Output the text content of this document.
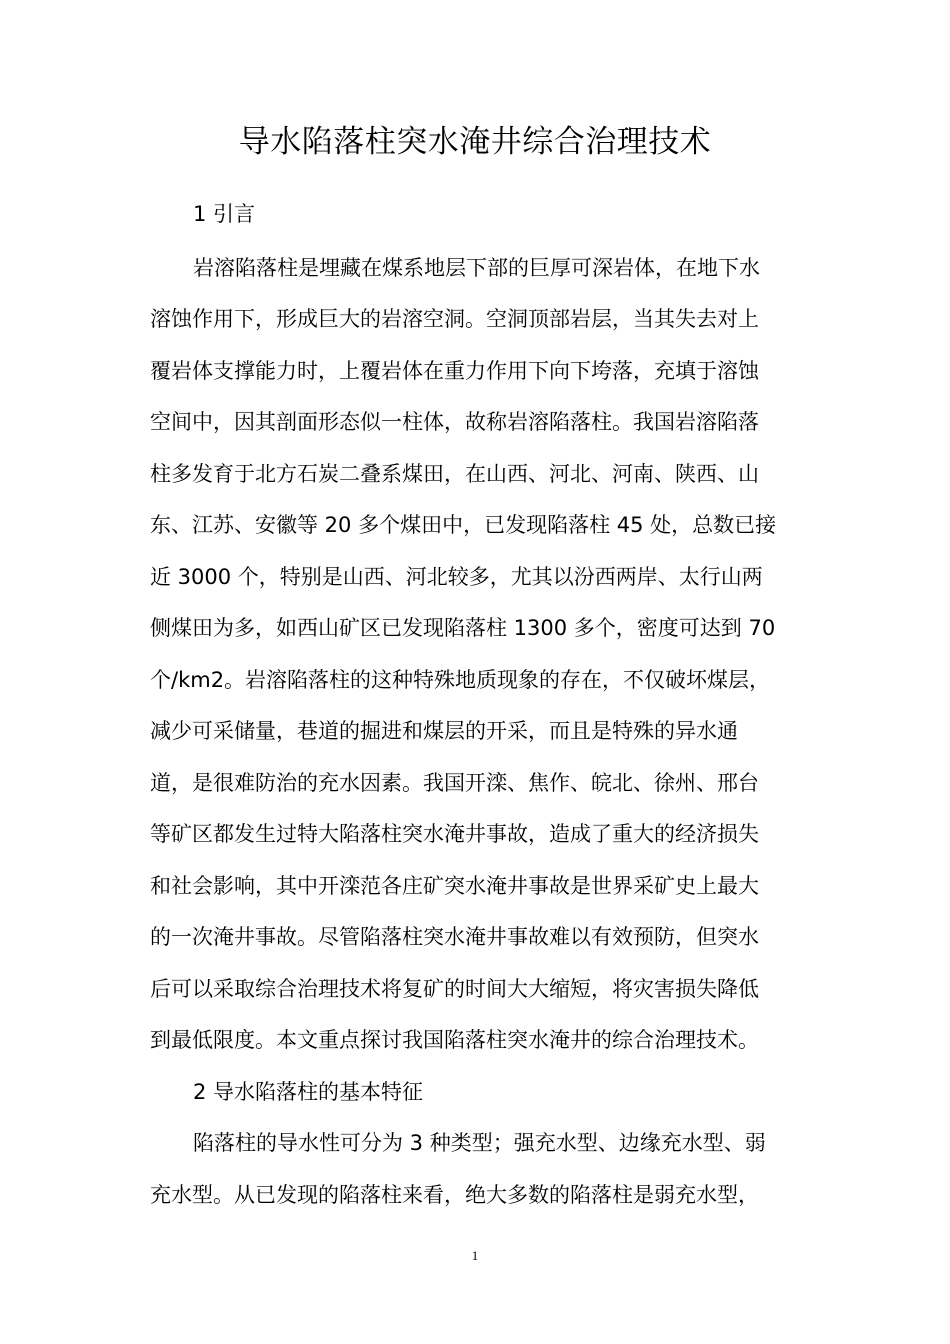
导水陷落柱突水淹井综合治理技术
1 引言
岩溶陷落柱是埋藏在煤系地层下部的巨厚可深岩体，在地下水
溶蚀作用下，形成巨大的岩溶空洞。空洞顶部岩层，当其失去对上
覆岩体支撑能力时，上覆岩体在重力作用下向下垮落，充填于溶蚀
空间中，因其剖面形态似一柱体，故称岩溶陷落柱。我国岩溶陷落
柱多发育于北方石炭二叠系煤田，在山西、河北、河南、陕西、山
东、江苏、安徽等 20 多个煤田中，已发现陷落柱 45 处，总数已接
近 3000 个，特别是山西、河北较多，尤其以汾西两岸、太行山两
侧煤田为多，如西山矿区已发现陷落柱 1300 多个，密度可达到 70
个/km2。岩溶陷落柱的这种特殊地质现象的存在，不仅破坏煤层，
减少可采储量，巷道的掘进和煤层的开采，而且是特殊的异水通
道，是很难防治的充水因素。我国开滦、焦作、皖北、徐州、邢台
等矿区都发生过特大陷落柱突水淹井事故，造成了重大的经济损失
和社会影响，其中开滦范各庄矿突水淹井事故是世界采矿史上最大
的一次淹井事故。尽管陷落柱突水淹井事故难以有效预防，但突水
后可以采取综合治理技术将复矿的时间大大缩短，将灾害损失降低
到最低限度。本文重点探讨我国陷落柱突水淹井的综合治理技术。
2 导水陷落柱的基本特征
陷落柱的导水性可分为 3 种类型；强充水型、边缘充水型、弱
充水型。从已发现的陷落柱来看，绝大多数的陷落柱是弱充水型，
1
